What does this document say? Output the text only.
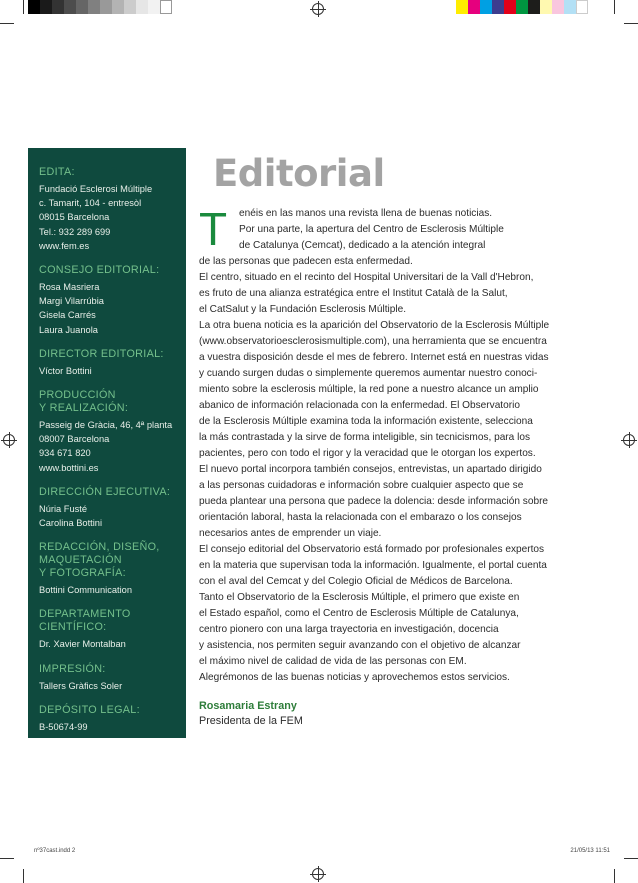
EDITA:
Fundació Esclerosi Múltiple
c. Tamarit, 104 - entresòl
08015 Barcelona
Tel.: 932 289 699
www.fem.es
CONSEJO EDITORIAL:
Rosa Masriera
Margi Vilarrúbia
Gisela Carrés
Laura Juanola
DIRECTOR EDITORIAL:
Víctor Bottini
PRODUCCIÓN
Y REALIZACIÓN:
Passeig de Gràcia, 46, 4ª planta
08007 Barcelona
934 671 820
www.bottini.es
DIRECCIÓN EJECUTIVA:
Núria Fusté
Carolina Bottini
REDACCIÓN, DISEÑO,
MAQUETACIÓN
Y FOTOGRAFÍA:
Bottini Communication
DEPARTAMENTO
CIENTÍFICO:
Dr. Xavier Montalban
IMPRESIÓN:
Tallers Gràfics Soler
DEPÓSITO LEGAL:
B-50674-99
Editorial
T	enéis en las manos una revista llena de buenas noticias.
Por una parte, la apertura del Centro de Esclerosis Múltiple
de Catalunya (Cemcat), dedicado a la atención integral
de las personas que padecen esta enfermedad.
El centro, situado en el recinto del Hospital Universitari de la Vall d'Hebron,
es fruto de una alianza estratégica entre el Institut Català de la Salut,
el CatSalut y la Fundación Esclerosis Múltiple.
La otra buena noticia es la aparición del Observatorio de la Esclerosis Múltiple
(www.observatorioesclerosismultiple.com), una herramienta que se encuentra
a vuestra disposición desde el mes de febrero. Internet está en nuestras vidas
y cuando surgen dudas o simplemente queremos aumentar nuestro conoci-
miento sobre la esclerosis múltiple, la red pone a nuestro alcance un amplio
abanico de información relacionada con la enfermedad. El Observatorio
de la Esclerosis Múltiple examina toda la información existente, selecciona
la más contrastada y la sirve de forma inteligible, sin tecnicismos, para los
pacientes, pero con todo el rigor y la veracidad que le otorgan los expertos.
El nuevo portal incorpora también consejos, entrevistas, un apartado dirigido
a las personas cuidadoras e información sobre cualquier aspecto que se
pueda plantear una persona que padece la dolencia: desde información sobre
orientación laboral, hasta la relacionada con el embarazo o los consejos
necesarios antes de emprender un viaje.
El consejo editorial del Observatorio está formado por profesionales expertos
en la materia que supervisan toda la información. Igualmente, el portal cuenta
con el aval del Cemcat y del Colegio Oficial de Médicos de Barcelona.
Tanto el Observatorio de la Esclerosis Múltiple, el primero que existe en
el Estado español, como el Centro de Esclerosis Múltiple de Catalunya,
centro pionero con una larga trayectoria en investigación, docencia
y asistencia, nos permiten seguir avanzando con el objetivo de alcanzar
el máximo nivel de calidad de vida de las personas con EM.
Alegrémonos de las buenas noticias y aprovechemos estos servicios.
Rosamaria Estrany
Presidenta de la FEM
nº37cast.indd 2	21/05/13 11:51
